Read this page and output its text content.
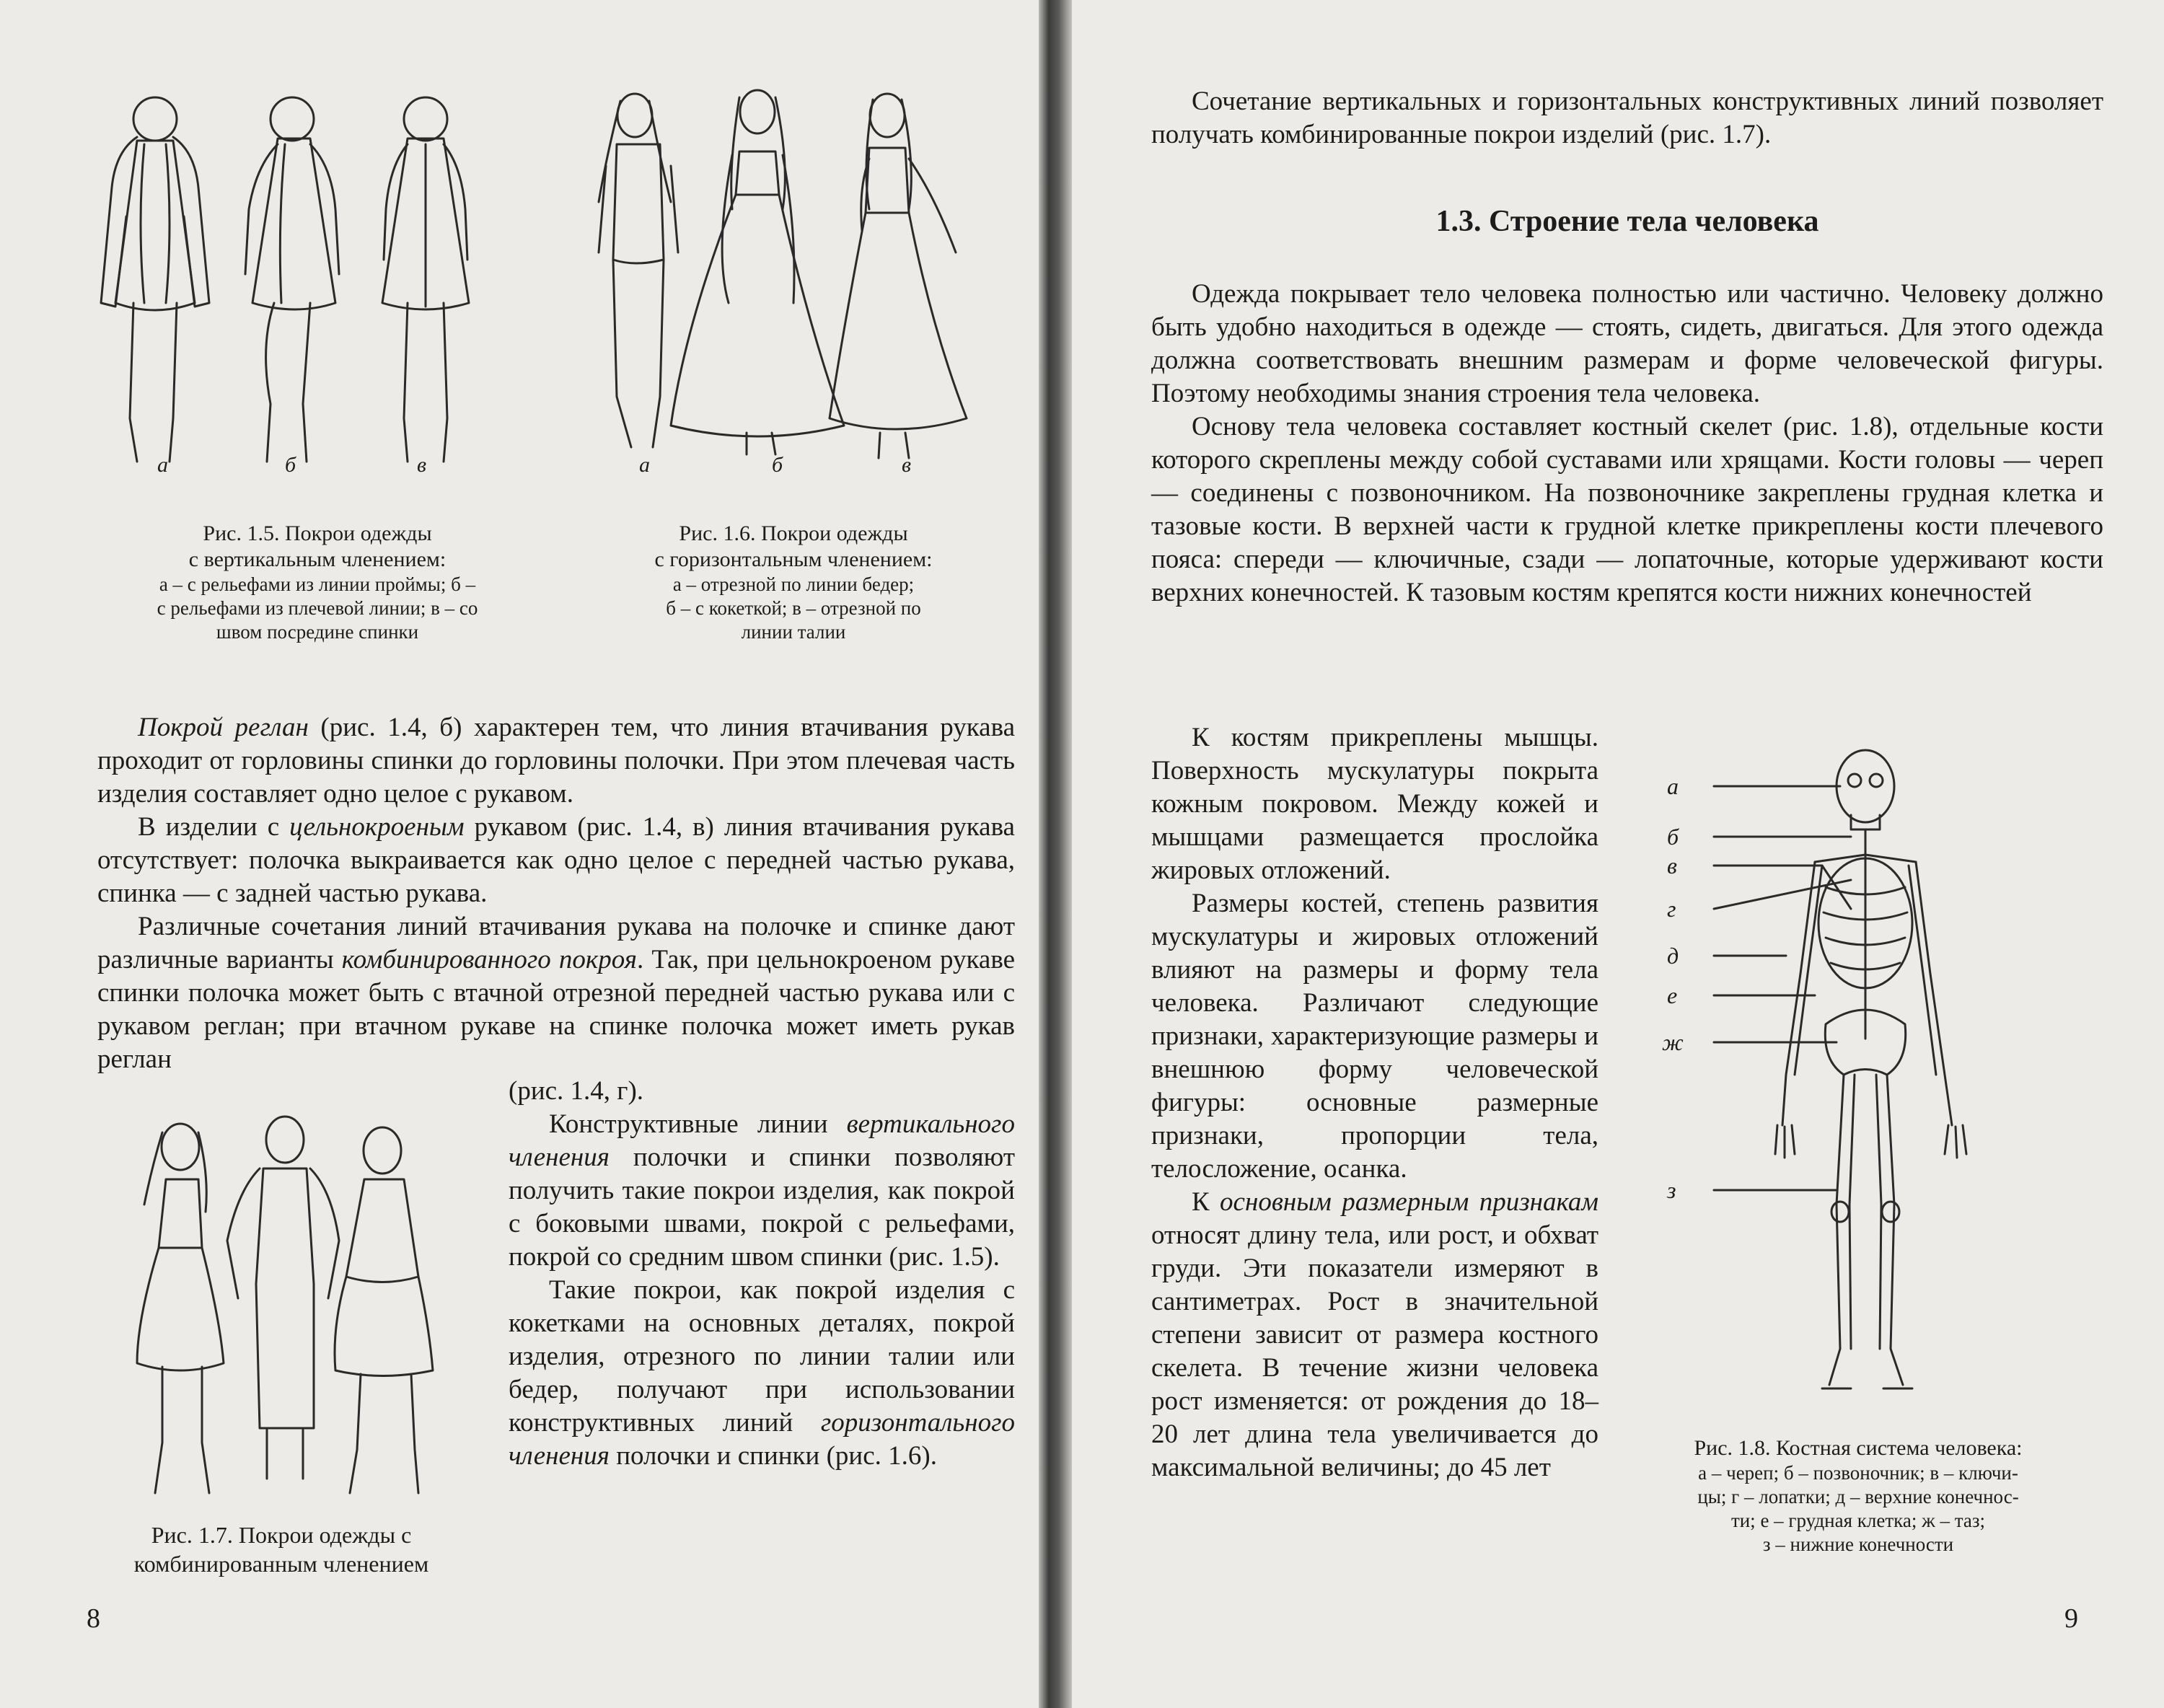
а	б	в
Рис. 1.5. Покрои одежды
с вертикальным членением:
а – с рельефами из линии проймы; б –
с рельефами из плечевой линии; в – со
швом посредине спинки
а	б	в
Рис. 1.6. Покрои одежды
с горизонтальным членением:
а – отрезной по линии бедер;
б – с кокеткой; в – отрезной по
линии талии

Покрой реглан (рис. 1.4, б) характерен тем, что линия втачивания рукава проходит от горловины спинки до горловины полочки. При этом плечевая часть изделия составляет одно целое с рукавом.

В изделии с цельнокроеным рукавом (рис. 1.4, в) линия втачивания рукава отсутствует: полочка выкраивается как одно целое с передней частью рукава, спинка — с задней частью рукава.

Различные сочетания линий втачивания рукава на полочке и спинке дают различные варианты комбинированного покроя. Так, при цельнокроеном рукаве спинки полочка может быть с втачной отрезной передней частью рукава или с рукавом реглан; при втачном рукаве на спинке полочка может иметь рукав реглан

Рис. 1.7. Покрои одежды с
комбинированным членением

(рис. 1.4, г).

Конструктивные линии вертикального членения полочки и спинки позволяют получить такие покрои изделия, как покрой с боковыми швами, покрой с рельефами, покрой со средним швом спинки (рис. 1.5).

Такие покрои, как покрой изделия с кокетками на основных деталях, покрой изделия, отрезного по линии талии или бедер, получают при использовании конструктивных линий горизонтального членения полочки и спинки (рис. 1.6).

8

Сочетание вертикальных и горизонтальных конструктивных линий позволяет получать комбинированные покрои изделий (рис. 1.7).

1.3. Строение тела человека

Одежда покрывает тело человека полностью или частично. Человеку должно быть удобно находиться в одежде — стоять, сидеть, двигаться. Для этого одежда должна соответствовать внешним размерам и форме человеческой фигуры. Поэтому необходимы знания строения тела человека.

Основу тела человека составляет костный скелет (рис. 1.8), отдельные кости которого скреплены между собой суставами или хрящами. Кости головы — череп — соединены с позвоночником. На позвоночнике закреплены грудная клетка и тазовые кости. В верхней части к грудной клетке прикреплены кости плечевого пояса: спереди — ключичные, сзади — лопаточные, которые удерживают кости верхних конечностей. К тазовым костям крепятся кости нижних конечностей

К костям прикреплены мышцы. Поверхность мускулатуры покрыта кожным покровом. Между кожей и мышцами размещается прослойка жировых отложений.

Размеры костей, степень развития мускулатуры и жировых отложений влияют на размеры и форму тела человека. Различают следующие признаки, характеризующие размеры и внешнюю форму человеческой фигуры: основные размерные признаки, пропорции тела, телосложение, осанка.

К основным размерным признакам относят длину тела, или рост, и обхват груди. Эти показатели измеряют в сантиметрах. Рост в значительной степени зависит от размера костного скелета. В течение жизни человека рост изменяется: от рождения до 18–20 лет длина тела увеличивается до максимальной величины; до 45 лет

а
б
в
г
д
е
ж
з
Рис. 1.8. Костная система человека:
а – череп; б – позвоночник; в – ключи-
цы; г – лопатки; д – верхние конечнос-
ти; е – грудная клетка; ж – таз;
з – нижние конечности
9
